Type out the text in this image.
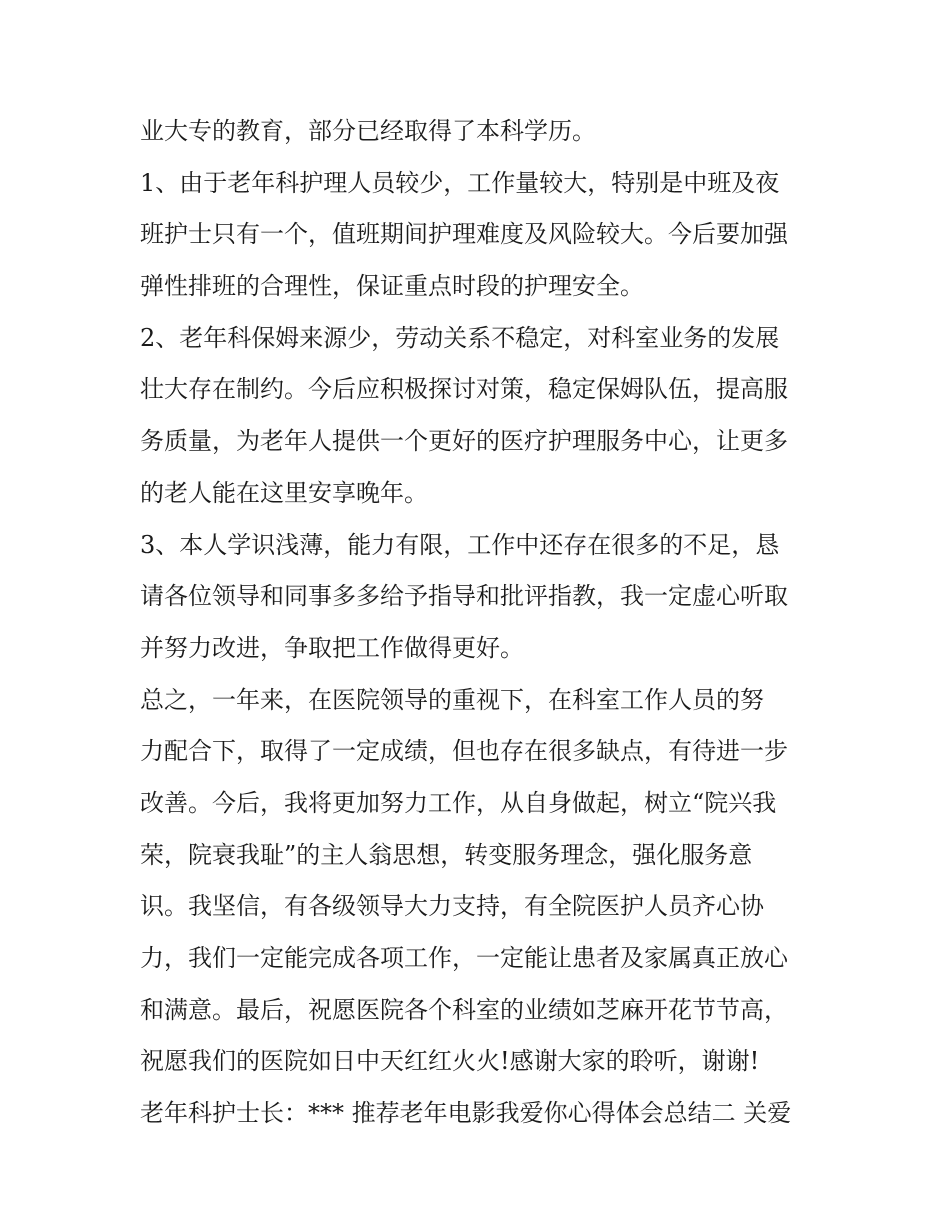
业大专的教育，部分已经取得了本科学历。
1、由于老年科护理人员较少，工作量较大，特别是中班及夜
班护士只有一个，值班期间护理难度及风险较大。今后要加强
弹性排班的合理性，保证重点时段的护理安全。
2、老年科保姆来源少，劳动关系不稳定，对科室业务的发展
壮大存在制约。今后应积极探讨对策，稳定保姆队伍，提高服
务质量，为老年人提供一个更好的医疗护理服务中心，让更多
的老人能在这里安享晚年。
3、本人学识浅薄，能力有限，工作中还存在很多的不足，恳
请各位领导和同事多多给予指导和批评指教，我一定虚心听取
并努力改进，争取把工作做得更好。
总之，一年来，在医院领导的重视下，在科室工作人员的努
力配合下，取得了一定成绩，但也存在很多缺点，有待进一步
改善。今后，我将更加努力工作，从自身做起，树立“院兴我
荣，院衰我耻”的主人翁思想，转变服务理念，强化服务意
识。我坚信，有各级领导大力支持，有全院医护人员齐心协
力，我们一定能完成各项工作，一定能让患者及家属真正放心
和满意。最后，祝愿医院各个科室的业绩如芝麻开花节节高，
祝愿我们的医院如日中天红红火火!感谢大家的聆听，谢谢!
老年科护士长：*** 推荐老年电影我爱你心得体会总结二 关爱
